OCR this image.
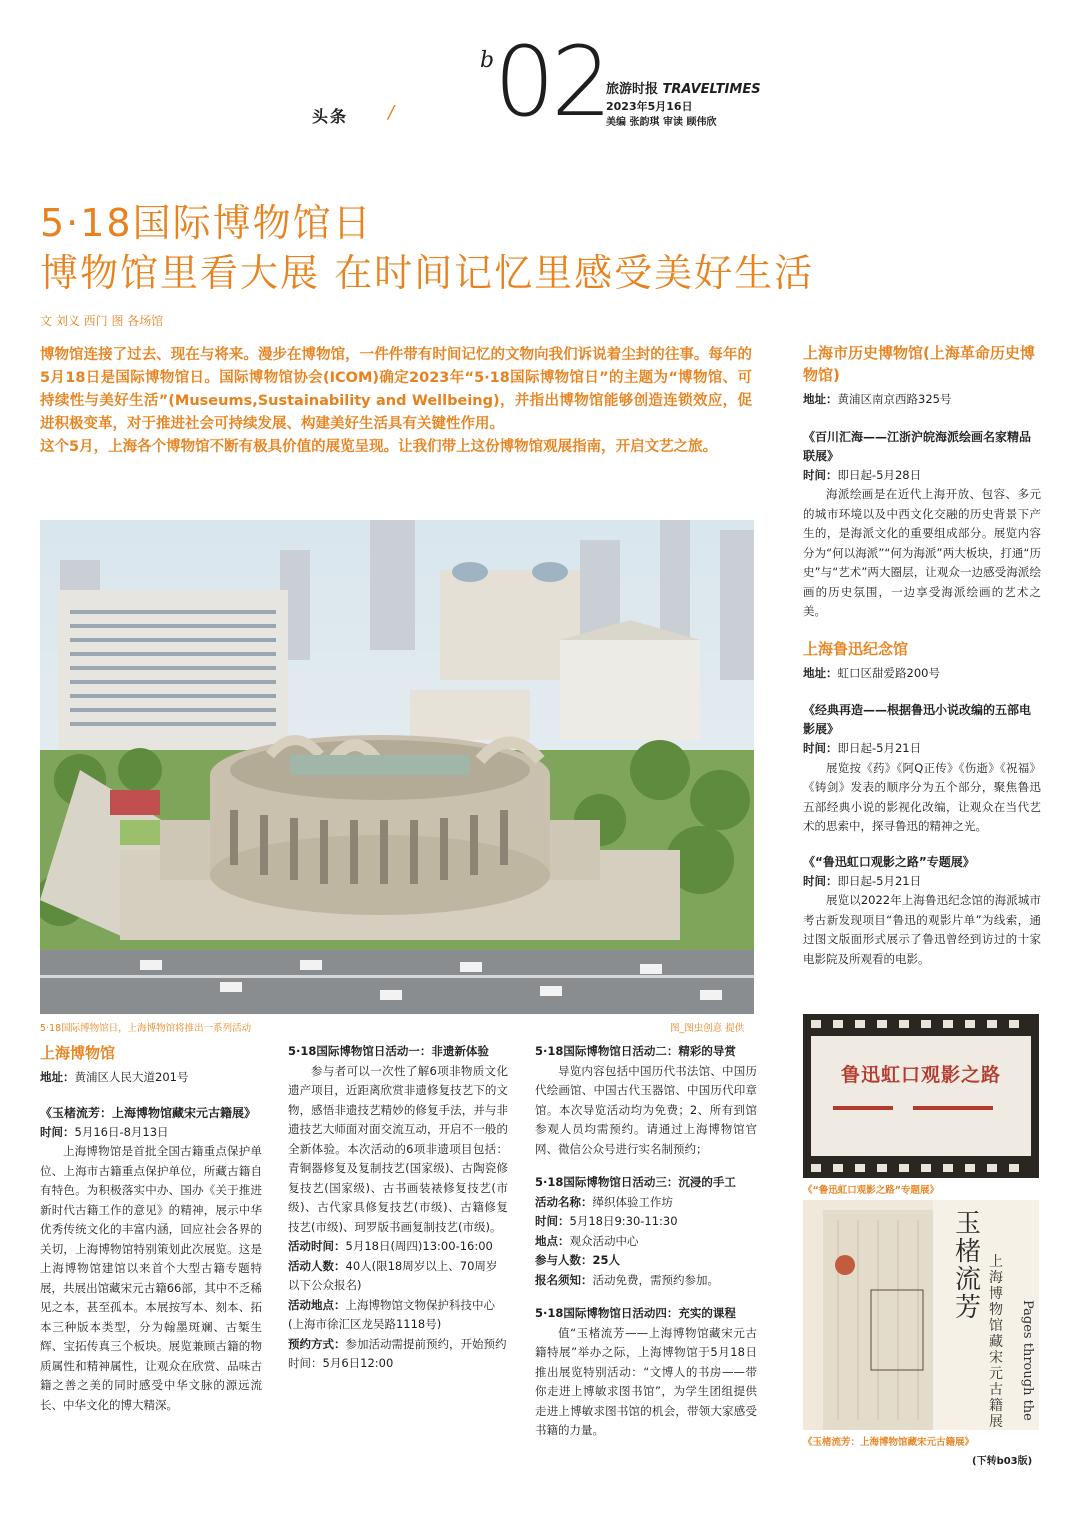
头条 /
b 02
旅游时报 TRAVELTIMES
2023年5月16日
美编 张韵琪 审读 顾伟欣
5·18国际博物馆日
博物馆里看大展 在时间记忆里感受美好生活
文 刘义 西门 图 各场馆

博物馆连接了过去、现在与将来。漫步在博物馆，一件件带有时间记忆的文物向我们诉说着尘封的往事。每年的5月18日是国际博物馆日。国际博物馆协会(ICOM)确定2023年“5·18国际博物馆日”的主题为“博物馆、可持续性与美好生活”(Museums,Sustainability and Wellbeing)，并指出博物馆能够创造连锁效应，促进积极变革，对于推进社会可持续发展、构建美好生活具有关键性作用。

这个5月，上海各个博物馆不断有极具价值的展览呈现。让我们带上这份博物馆观展指南，开启文艺之旅。

5·18国际博物馆日，上海博物馆将推出一系列活动	图_图虫创意 提供
上海博物馆
地址：黄浦区人民大道201号
《玉楮流芳：上海博物馆藏宋元古籍展》
时间：5月16日-8月13日

上海博物馆是首批全国古籍重点保护单位、上海市古籍重点保护单位，所藏古籍自有特色。为积极落实中办、国办《关于推进新时代古籍工作的意见》的精神，展示中华优秀传统文化的丰富内涵，回应社会各界的关切，上海博物馆特别策划此次展览。这是上海博物馆建馆以来首个大型古籍专题特展，共展出馆藏宋元古籍66部，其中不乏稀见之本，甚至孤本。本展按写本、刻本、拓本三种版本类型，分为翰墨斑斓、古椠生辉、宝拓传真三个板块。展览兼顾古籍的物质属性和精神属性，让观众在欣赏、品味古籍之善之美的同时感受中华文脉的源远流长、中华文化的博大精深。

5·18国际博物馆日活动一：非遗新体验

参与者可以一次性了解6项非物质文化遗产项目，近距离欣赏非遗修复技艺下的文物，感悟非遗技艺精妙的修复手法，并与非遗技艺大师面对面交流互动，开启不一般的全新体验。本次活动的6项非遗项目包括：青铜器修复及复制技艺(国家级)、古陶瓷修复技艺(国家级)、古书画装裱修复技艺(市级)、古代家具修复技艺(市级)、古籍修复技艺(市级)、珂罗版书画复制技艺(市级)。

活动时间：5月18日(周四)13:00-16:00

活动人数：40人(限18周岁以上、70周岁以下公众报名)

活动地点：上海博物馆文物保护科技中心(上海市徐汇区龙吴路1118号)

预约方式：参加活动需提前预约，开始预约时间：5月6日12:00

5·18国际博物馆日活动二：精彩的导赏

导览内容包括中国历代书法馆、中国历代绘画馆、中国古代玉器馆、中国历代印章馆。本次导览活动均为免费；2、所有到馆参观人员均需预约。请通过上海博物馆官网、微信公众号进行实名制预约；

5·18国际博物馆日活动三：沉浸的手工

活动名称：缂织体验工作坊

时间：5月18日9:30-11:30

地点：观众活动中心

参与人数：25人

报名须知：活动免费，需预约参加。

5·18国际博物馆日活动四：充实的课程

值“玉楮流芳——上海博物馆藏宋元古籍特展”举办之际，上海博物馆于5月18日推出展览特别活动：“文博人的书房——带你走进上博敏求图书馆”，为学生团组提供走进上博敏求图书馆的机会，带领大家感受书籍的力量。

上海市历史博物馆(上海革命历史博物馆)
地址：黄浦区南京西路325号
《百川汇海——江浙沪皖海派绘画名家精品联展》

时间：即日起-5月28日

海派绘画是在近代上海开放、包容、多元的城市环境以及中西文化交融的历史背景下产生的，是海派文化的重要组成部分。展览内容分为“何以海派”“何为海派”两大板块，打通“历史”与“艺术”两大圈层，让观众一边感受海派绘画的历史氛围，一边享受海派绘画的艺术之美。

上海鲁迅纪念馆
地址：虹口区甜爱路200号
《经典再造——根据鲁迅小说改编的五部电影展》

时间：即日起-5月21日

展览按《药》《阿Q正传》《伤逝》《祝福》《铸剑》发表的顺序分为五个部分，聚焦鲁迅五部经典小说的影视化改编，让观众在当代艺术的思索中，探寻鲁迅的精神之光。

《“鲁迅虹口观影之路”专题展》

时间：即日起-5月21日

展览以2022年上海鲁迅纪念馆的海派城市考古新发现项目“鲁迅的观影片单”为线索，通过图文版面形式展示了鲁迅曾经到访过的十家电影院及所观看的电影。

鲁迅虹口观影之路
《“鲁迅虹口观影之路”专题展》
玉楮流芳
上海博物馆藏宋元古籍展
Pages through the
《玉楮流芳：上海博物馆藏宋元古籍展》
(下转b03版)
